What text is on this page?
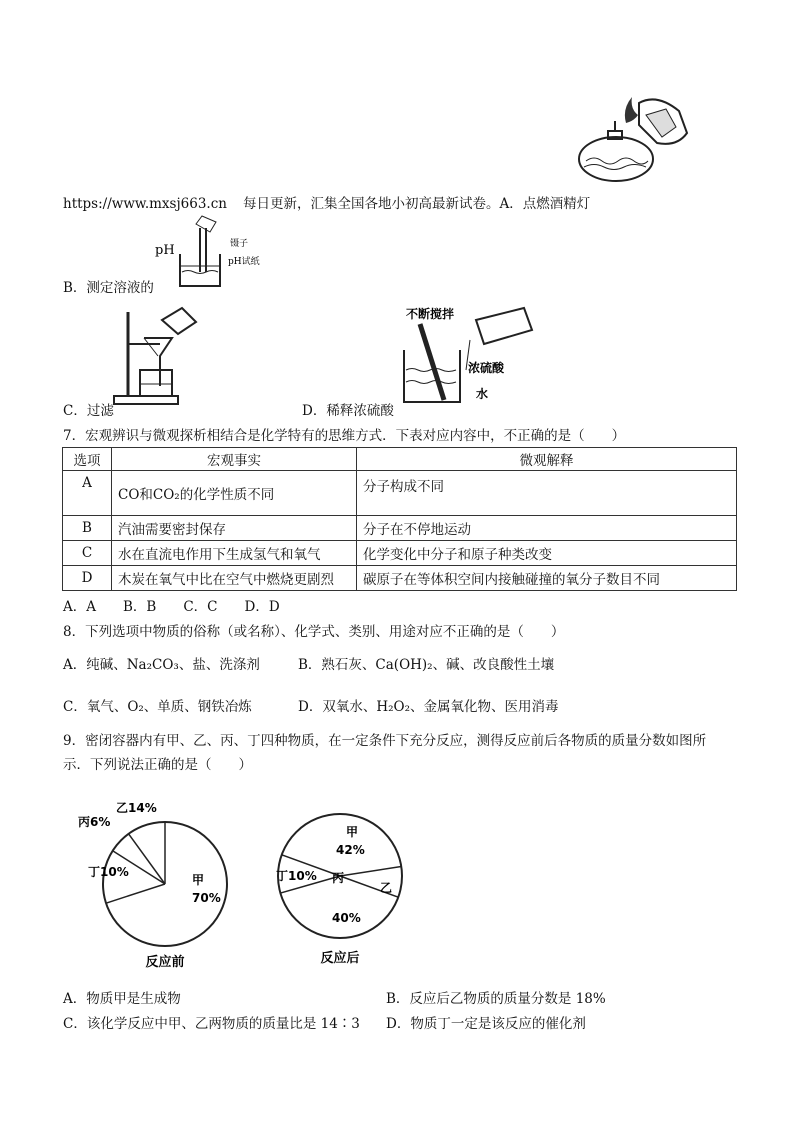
https://www.mxsj663.cn 每日更新，汇集全国各地小初高最新试卷。A．点燃酒精灯
pH	镊子
pH试纸
B．测定溶液的
C．过滤
不断搅拌
浓硫酸
水
D．稀释浓硫酸
7．宏观辨识与微观探析相结合是化学特有的思维方式．下表对应内容中，不正确的是（　　）
选项	宏观事实	微观解释
A	CO和CO₂的化学性质不同	分子构成不同
B	汽油需要密封保存	分子在不停地运动
C	水在直流电作用下生成氢气和氧气	化学变化中分子和原子种类改变
D	木炭在氧气中比在空气中燃烧更剧烈	碳原子在等体积空间内接触碰撞的氧分子数目不同
A．A　　B．B　　C．C　　D．D
8．下列选项中物质的俗称（或名称）、化学式、类别、用途对应不正确的是（　　）
A．纯碱、Na₂CO₃、盐、洗涤剂	B．熟石灰、Ca(OH)₂、碱、改良酸性土壤
C．氧气、O₂、单质、钢铁冶炼	D．双氧水、H₂O₂、金属氧化物、医用消毒
9．密闭容器内有甲、乙、丙、丁四种物质，在一定条件下充分反应，测得反应前后各物质的质量分数如图所
示．下列说法正确的是（　　）
甲
70%
乙14%
丙6%
丁10%
反应前
甲
42%
乙
丙
40%
丁10%
反应后
A．物质甲是生成物	B．反应后乙物质的质量分数是 18%
C．该化学反应中甲、乙两物质的质量比是 14∶3 D．物质丁一定是该反应的催化剂
